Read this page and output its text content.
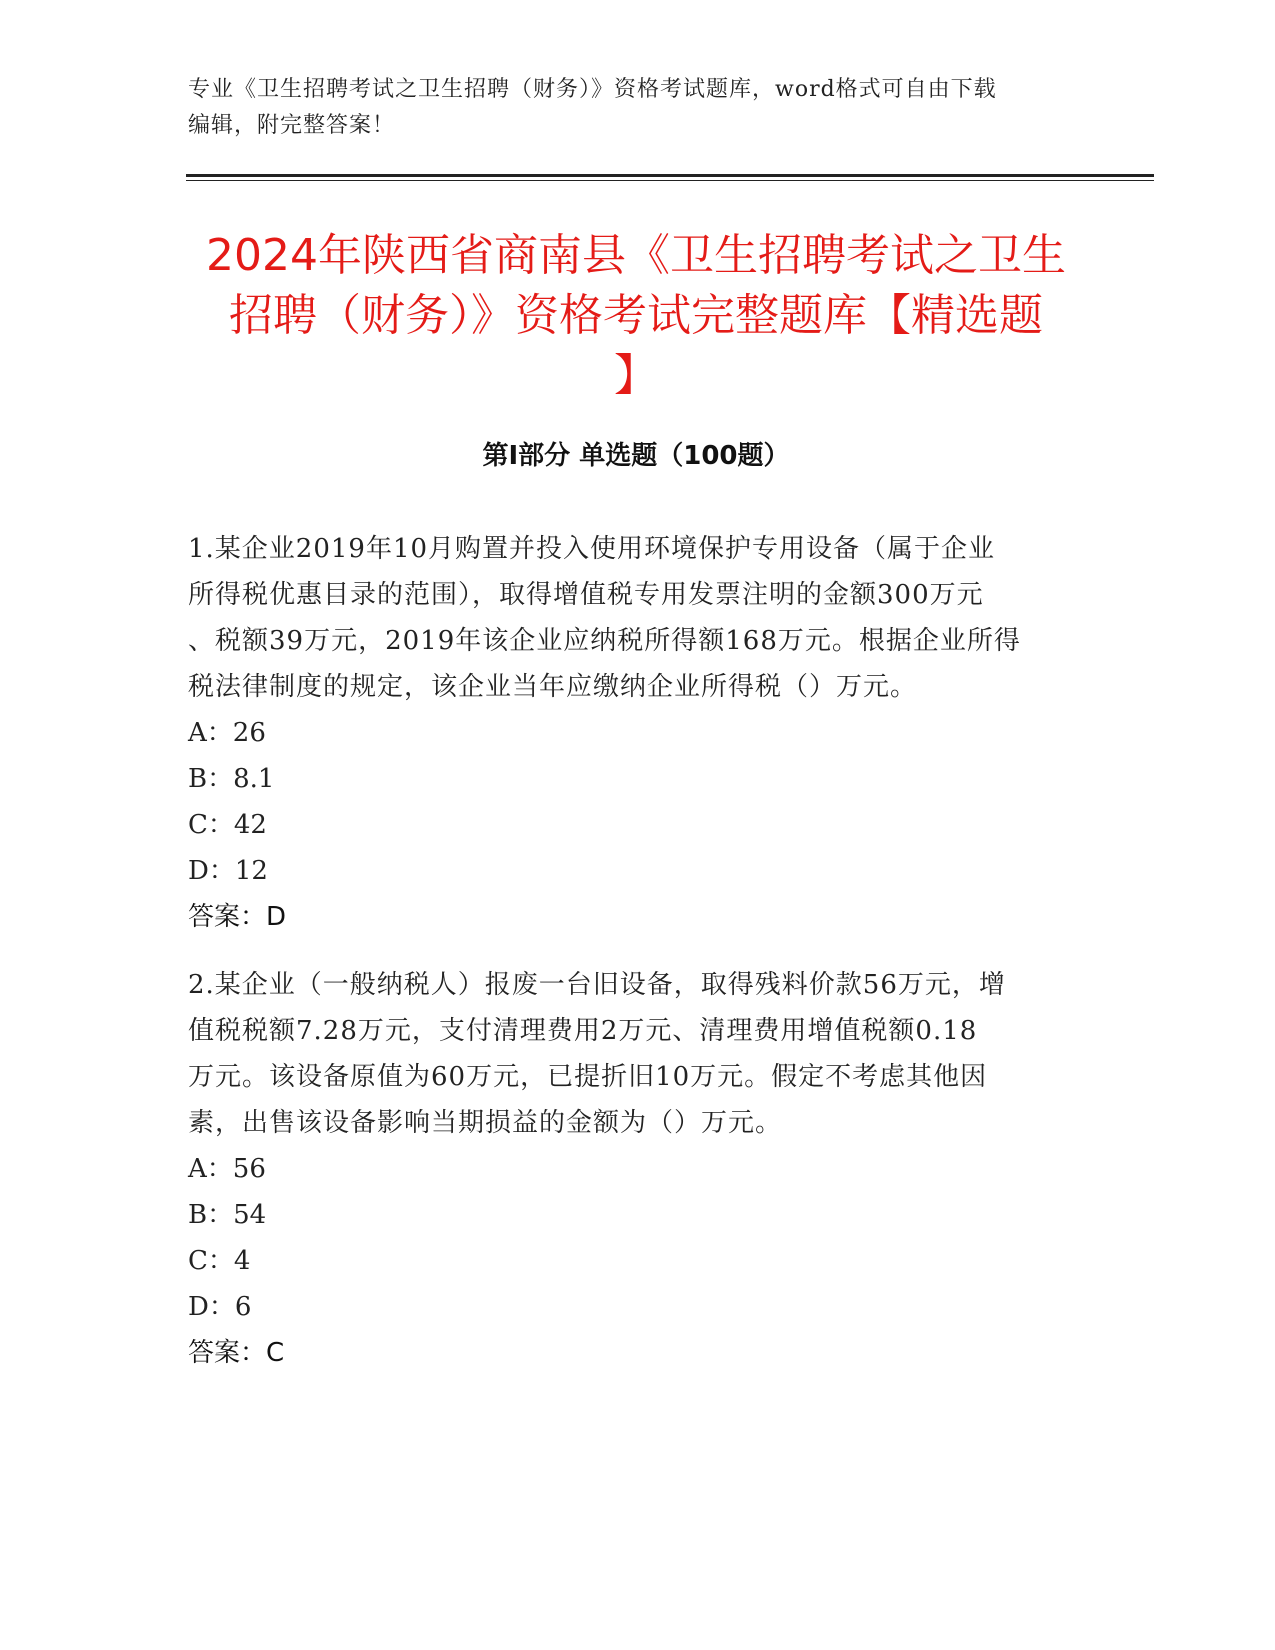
专业《卫生招聘考试之卫生招聘（财务）》资格考试题库，word格式可自由下载
编辑，附完整答案！
2024年陕西省商南县《卫生招聘考试之卫生
招聘（财务）》资格考试完整题库【精选题
】
第I部分 单选题（100题）

1.某企业2019年10月购置并投入使用环境保护专用设备（属于企业

所得税优惠目录的范围），取得增值税专用发票注明的金额300万元

、税额39万元，2019年该企业应纳税所得额168万元。根据企业所得

税法律制度的规定，该企业当年应缴纳企业所得税（）万元。

A：26

B：8.1

C：42

D：12

答案：D

2.某企业（一般纳税人）报废一台旧设备，取得残料价款56万元，增

值税税额7.28万元，支付清理费用2万元、清理费用增值税额0.18

万元。该设备原值为60万元，已提折旧10万元。假定不考虑其他因

素，出售该设备影响当期损益的金额为（）万元。

A：56

B：54

C：4

D：6

答案：C
